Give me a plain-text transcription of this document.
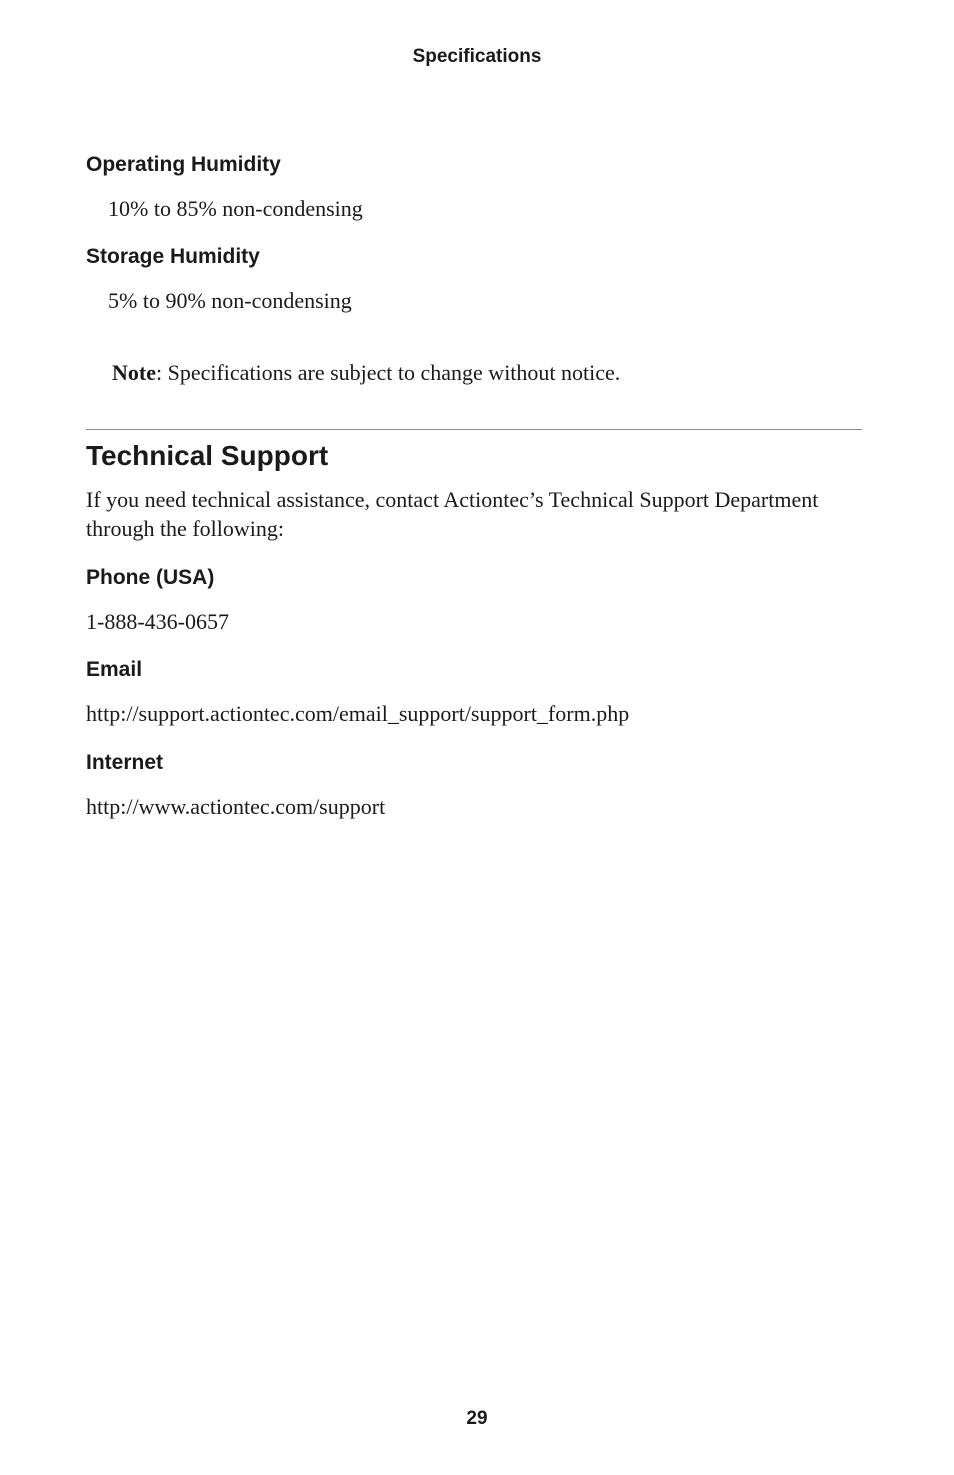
Specifications

Operating Humidity

10% to 85% non-condensing

Storage Humidity

5% to 90% non-condensing

Note: Specifications are subject to change without notice.

Technical Support

If you need technical assistance, contact Actiontec’s Technical Support Department

through the following:

Phone (USA)

1-888-436-0657

Email

http://support.actiontec.com/email_support/support_form.php

Internet

http://www.actiontec.com/support

29
